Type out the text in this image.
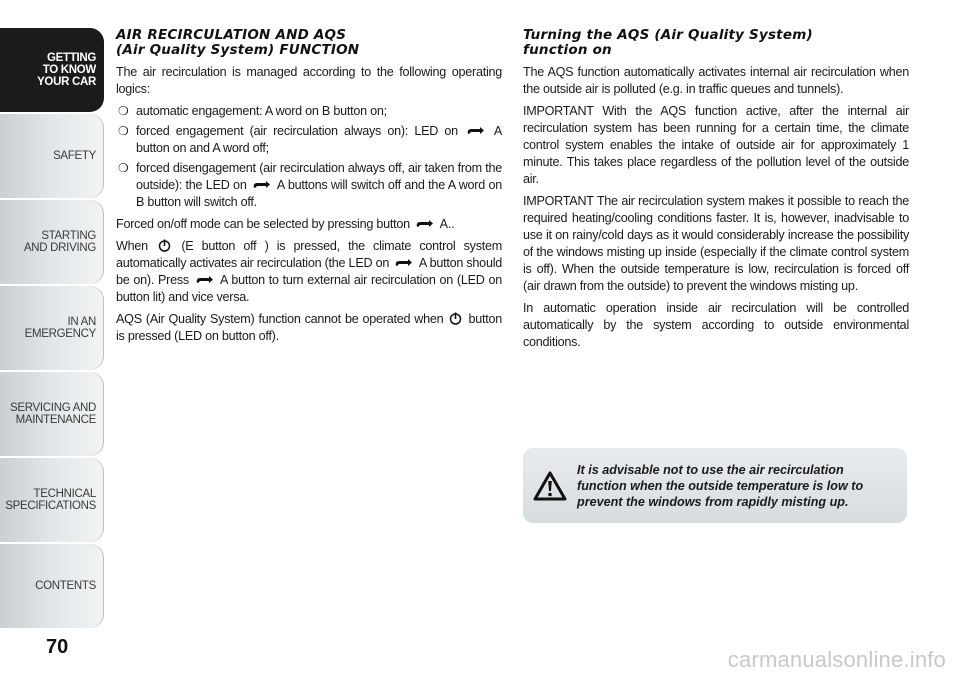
GETTING
TO KNOW
YOUR CAR
SAFETY
STARTING
AND DRIVING
IN AN
EMERGENCY
SERVICING AND
MAINTENANCE
TECHNICAL
SPECIFICATIONS
CONTENTS
70
AIR RECIRCULATION AND AQS
(Air Quality System) FUNCTION

The air recirculation is managed according to the following operating logics:

❍ automatic engagement: A word on B button on;
❍ forced engagement (air recirculation always on): LED on	A button on and A word off;
❍ forced disengagement (air recirculation always off, air taken from the outside): the LED on A buttons will switch off and the A word on B button will switch off.

Forced on/off mode can be selected by pressing button A..

When	(E button off ) is pressed, the climate control system automatically activates air recirculation (the LED on A button should be on). Press A button to turn external air recirculation on (LED on button lit) and vice versa.

AQS (Air Quality System) function cannot be operated when button is pressed (LED on button off).

Turning the AQS (Air Quality System)
function on

The AQS function automatically activates internal air recirculation when the outside air is polluted (e.g. in traffic queues and tunnels).

IMPORTANT With the AQS function active, after the internal air recirculation system has been running for a certain time, the climate control system enables the intake of outside air for approximately 1 minute. This takes place regardless of the pollution level of the outside air.

IMPORTANT The air recirculation system makes it possible to reach the required heating/cooling conditions faster. It is, however, inadvisable to use it on rainy/cold days as it would considerably increase the possibility of the windows misting up inside (especially if the climate control system is off). When the outside temperature is low, recirculation is forced off (air drawn from the outside) to prevent the windows misting up.

In automatic operation inside air recirculation will be controlled automatically by the system according to outside environmental conditions.

It is advisable not to use the air recirculation function when the outside temperature is low to prevent the windows from rapidly misting up.
carmanualsonline.info
